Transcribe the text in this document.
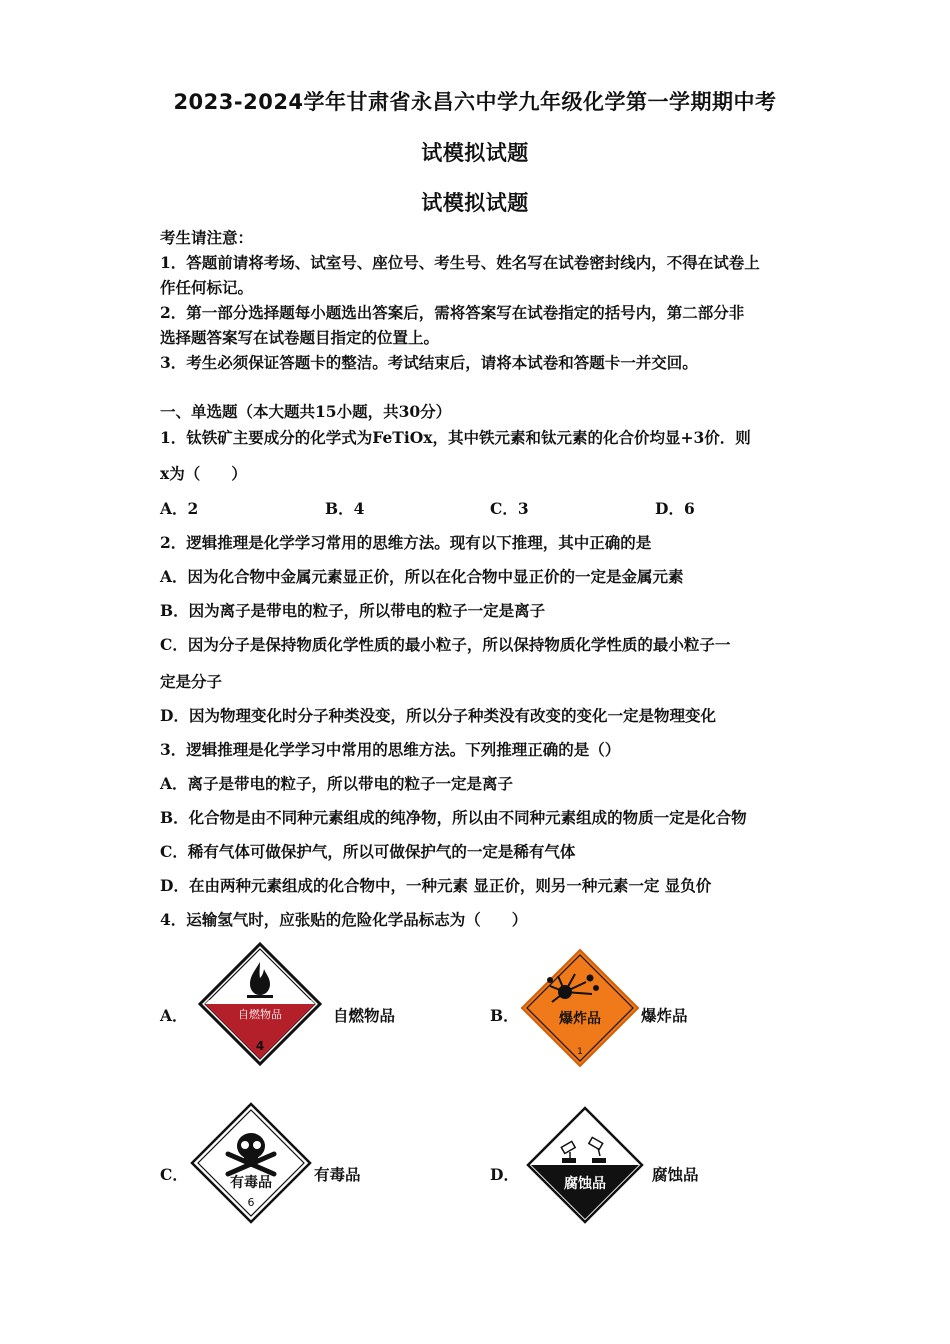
2023-2024学年甘肃省永昌六中学九年级化学第一学期期中考
试模拟试题
试模拟试题
考生请注意：
1．答题前请将考场、试室号、座位号、考生号、姓名写在试卷密封线内，不得在试卷上
作任何标记。
2．第一部分选择题每小题选出答案后，需将答案写在试卷指定的括号内，第二部分非
选择题答案写在试卷题目指定的位置上。
3．考生必须保证答题卡的整洁。考试结束后，请将本试卷和答题卡一并交回。
一、单选题（本大题共15小题，共30分）
1．钛铁矿主要成分的化学式为FeTiOx，其中铁元素和钛元素的化合价均显+3价．则
x为（　　）
A．2	B．4	C．3	D．6
2．逻辑推理是化学学习常用的思维方法。现有以下推理，其中正确的是
A．因为化合物中金属元素显正价，所以在化合物中显正价的一定是金属元素
B．因为离子是带电的粒子，所以带电的粒子一定是离子
C．因为分子是保持物质化学性质的最小粒子，所以保持物质化学性质的最小粒子一
定是分子
D．因为物理变化时分子种类没变，所以分子种类没有改变的变化一定是物理变化
3．逻辑推理是化学学习中常用的思维方法。下列推理正确的是（）
A．离子是带电的粒子，所以带电的粒子一定是离子
B．化合物是由不同种元素组成的纯净物，所以由不同种元素组成的物质一定是化合物
C．稀有气体可做保护气，所以可做保护气的一定是稀有气体
D．在由两种元素组成的化合物中，一种元素 显正价，则另一种元素一定 显负价
4．运输氢气时，应张贴的危险化学品标志为（　　）
A．	自燃物品
4
自燃物品	B．	爆炸品
1
爆炸品
C．	有毒品
6
有毒品	D．	腐蚀品	腐蚀品
